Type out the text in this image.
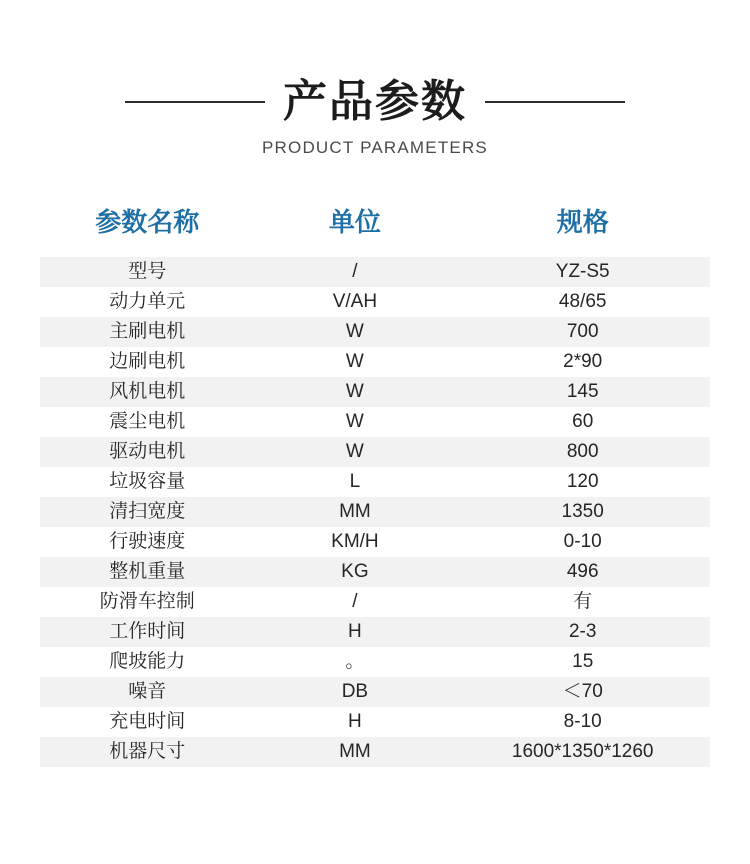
产品参数
PRODUCT PARAMETERS
参数名称	单位	规格
型号	/	YZ-S5
动力单元	V/AH	48/65
主刷电机	W	700
边刷电机	W	2*90
风机电机	W	145
震尘电机	W	60
驱动电机	W	800
垃圾容量	L	120
清扫宽度	MM	1350
行驶速度	KM/H	0-10
整机重量	KG	496
防滑车控制	/	有
工作时间	H	2-3
爬坡能力	。	15
噪音	DB	＜70
充电时间	H	8-10
机器尺寸	MM	1600*1350*1260
